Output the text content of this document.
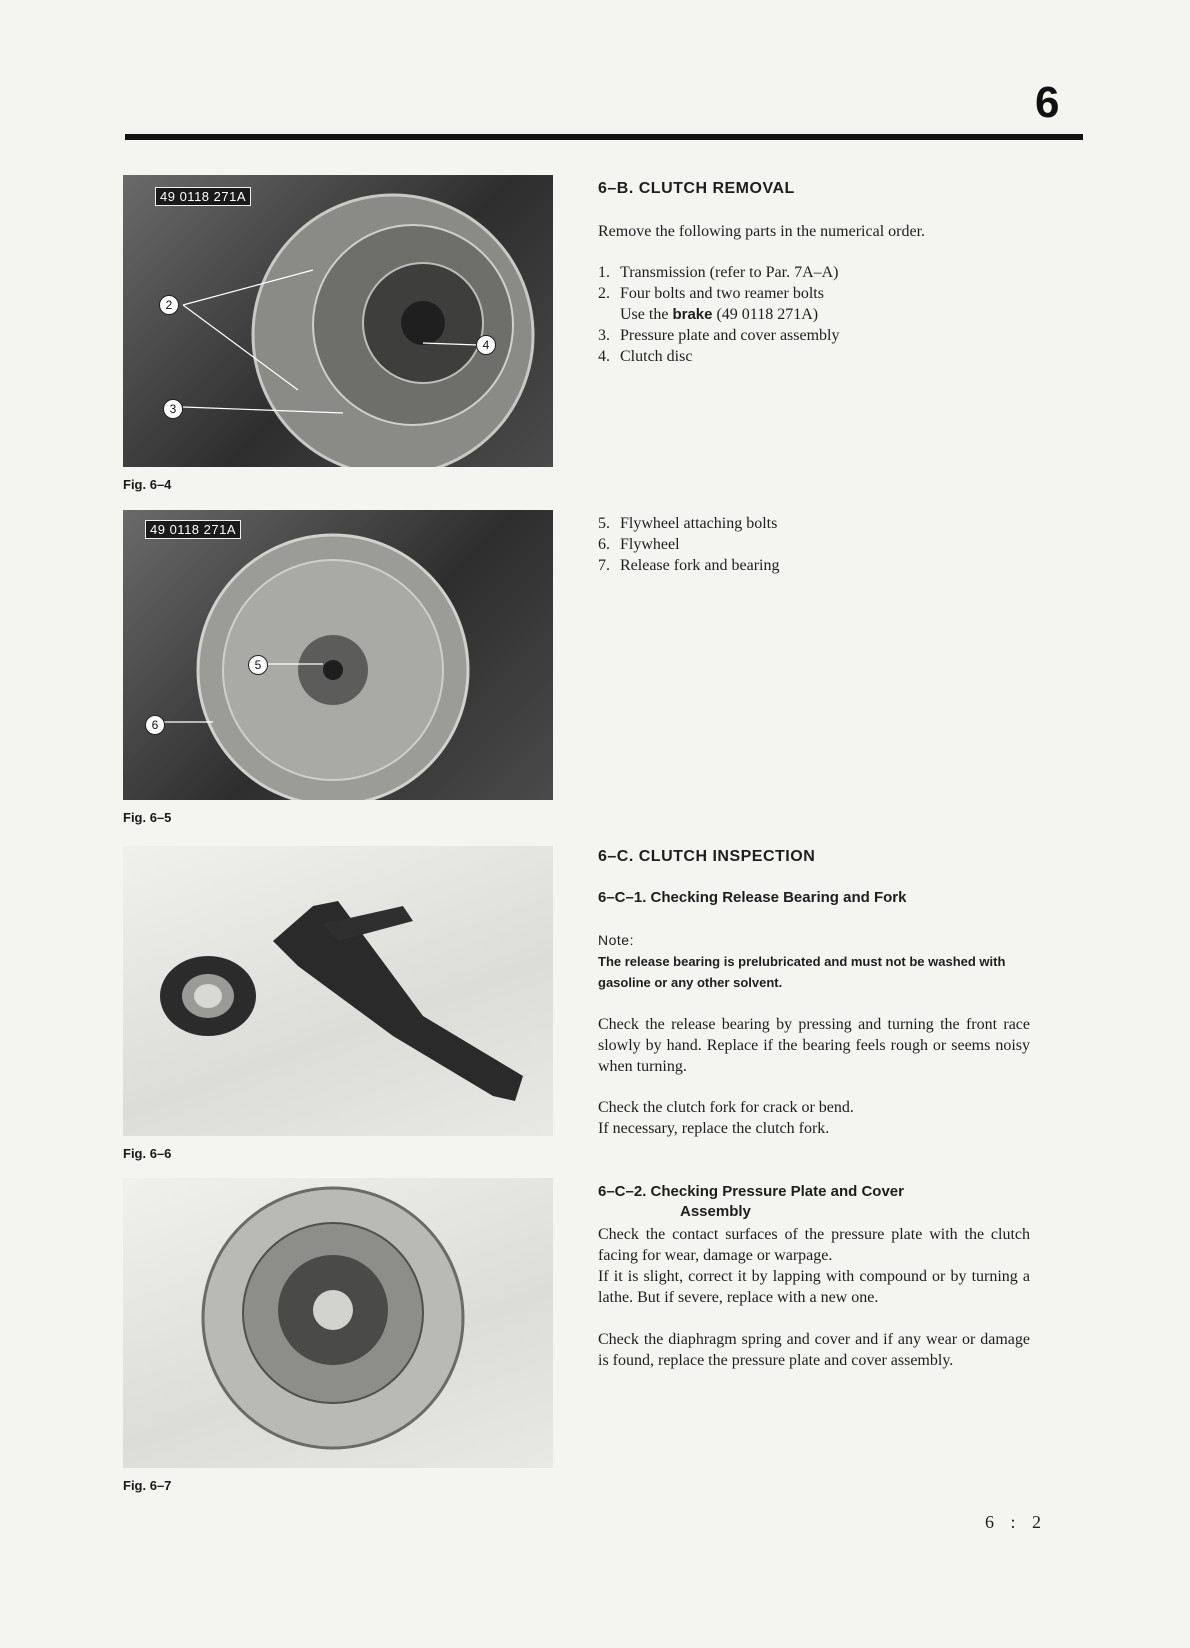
6
49 0118 271A
2
3
4
Fig. 6–4
49 0118 271A
5
6
Fig. 6–5
Fig. 6–6
Fig. 6–7
6–B. CLUTCH REMOVAL
Remove the following parts in the numerical order.
1. Transmission (refer to Par. 7A–A)
2. Four bolts and two reamer bolts
Use the brake (49 0118 271A)
3. Pressure plate and cover assembly
4. Clutch disc
5. Flywheel attaching bolts
6. Flywheel
7. Release fork and bearing
6–C. CLUTCH INSPECTION
6–C–1. Checking Release Bearing and Fork
Note:
The release bearing is prelubricated and must not be washed with gasoline or any other solvent.
Check the release bearing by pressing and turning the front race slowly by hand. Replace if the bearing feels rough or seems noisy when turning.
Check the clutch fork for crack or bend.
If necessary, replace the clutch fork.
6–C–2. Checking Pressure Plate and Cover
Assembly
Check the contact surfaces of the pressure plate with the clutch facing for wear, damage or warpage.
If it is slight, correct it by lapping with compound or by turning a lathe. But if severe, replace with a new one.
Check the diaphragm spring and cover and if any wear or damage is found, replace the pressure plate and cover assembly.
6 : 2
